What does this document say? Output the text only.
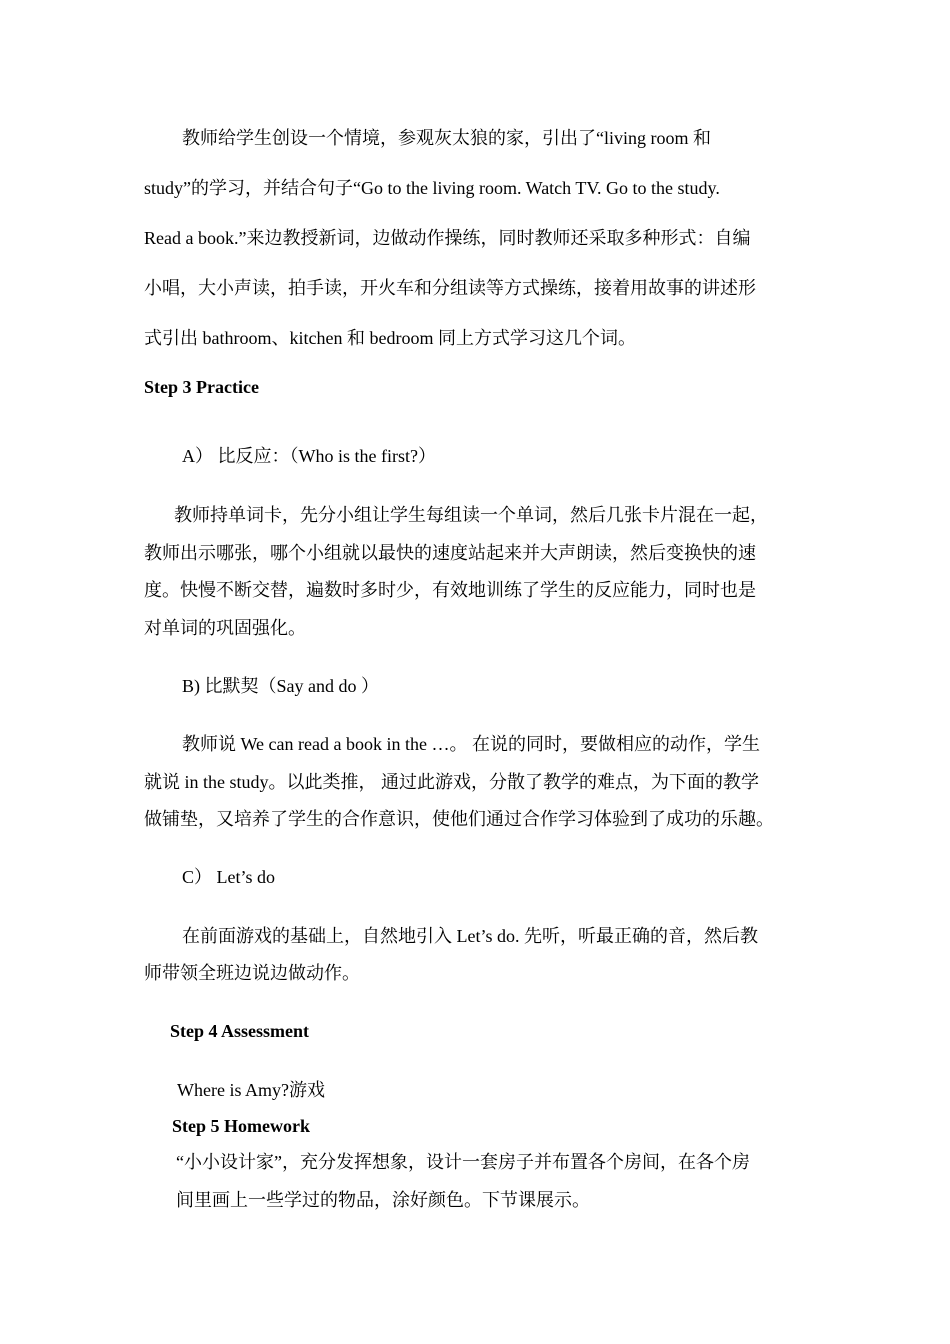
教师给学生创设一个情境，参观灰太狼的家，引出了“living room 和
study”的学习，并结合句子“Go to the living room. Watch TV. Go to the study.
Read a book.”来边教授新词，边做动作操练，同时教师还采取多种形式：自编
小唱，大小声读，拍手读，开火车和分组读等方式操练，接着用故事的讲述形
式引出 bathroom、kitchen 和 bedroom 同上方式学习这几个词。
Step 3 Practice
A） 比反应：（Who is the first?）
教师持单词卡，先分小组让学生每组读一个单词，然后几张卡片混在一起，
教师出示哪张，哪个小组就以最快的速度站起来并大声朗读，然后变换快的速
度。快慢不断交替，遍数时多时少，有效地训练了学生的反应能力，同时也是
对单词的巩固强化。
B) 比默契（Say and do ）
教师说 We can read a book in the …。 在说的同时，要做相应的动作，学生
就说 in the study。以此类推， 通过此游戏，分散了教学的难点，为下面的教学
做铺垫，又培养了学生的合作意识，使他们通过合作学习体验到了成功的乐趣。
C） Let’s do
在前面游戏的基础上，自然地引入 Let’s do. 先听，听最正确的音，然后教
师带领全班边说边做动作。
Step 4 Assessment
Where is Amy?游戏
Step 5 Homework
“小小设计家”，充分发挥想象，设计一套房子并布置各个房间，在各个房
间里画上一些学过的物品，涂好颜色。下节课展示。
